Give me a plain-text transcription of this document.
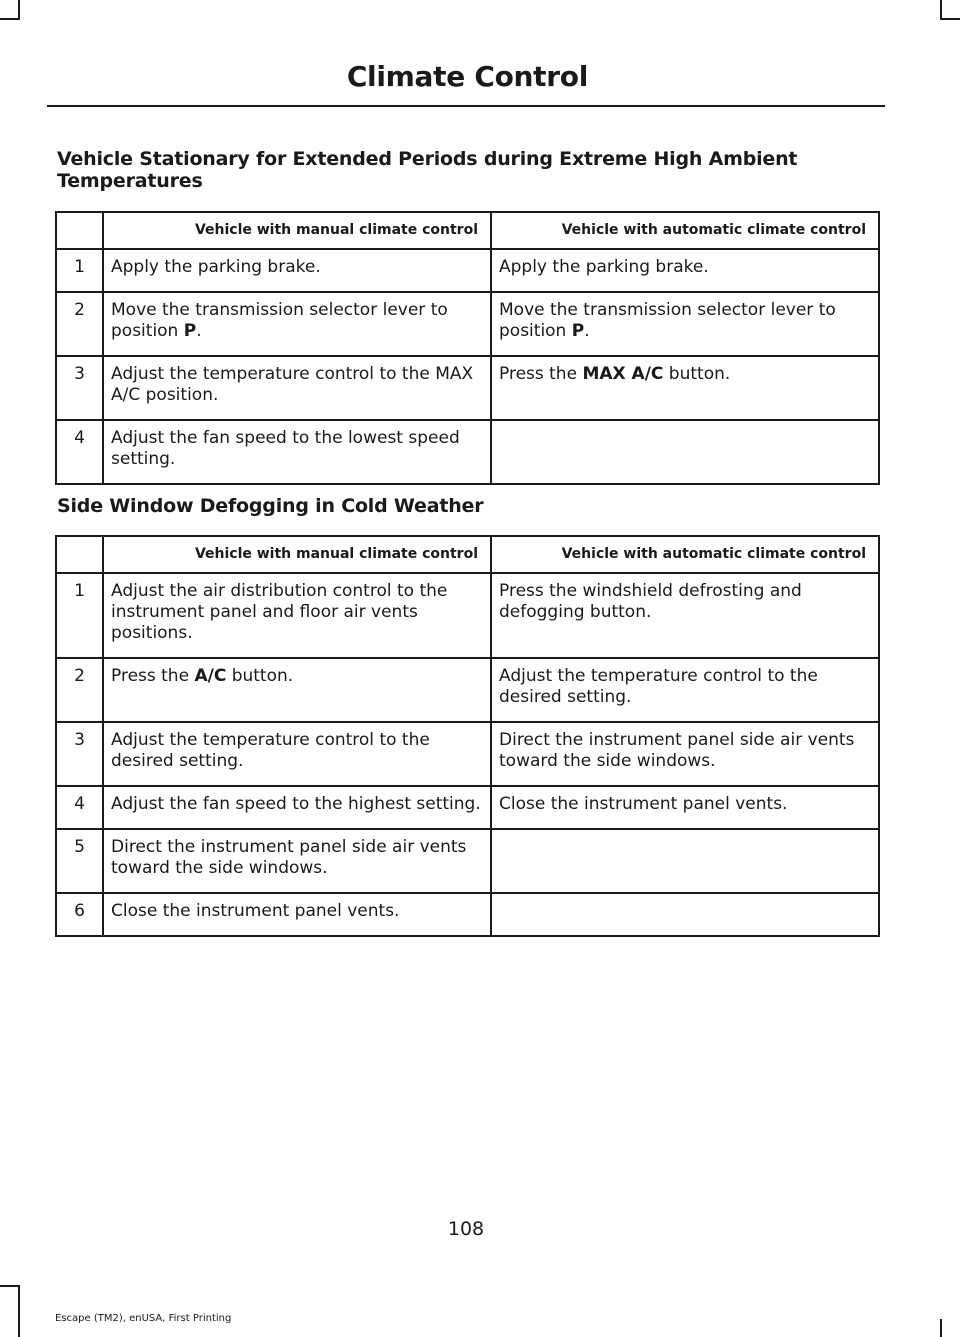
Climate Control
Vehicle Stationary for Extended Periods during Extreme High Ambient Temperatures
	Vehicle with manual climate control	Vehicle with automatic climate control
1	Apply the parking brake.	Apply the parking brake.
2	Move the transmission selector lever to position P.	Move the transmission selector lever to position P.
3	Adjust the temperature control to the MAX A/C position.	Press the MAX A/C button.
4	Adjust the fan speed to the lowest speed setting.	
Side Window Defogging in Cold Weather
	Vehicle with manual climate control	Vehicle with automatic climate control
1	Adjust the air distribution control to the instrument panel and floor air vents positions.	Press the windshield defrosting and defogging button.
2	Press the A/C button.	Adjust the temperature control to the desired setting.
3	Adjust the temperature control to the desired setting.	Direct the instrument panel side air vents toward the side windows.
4	Adjust the fan speed to the highest setting.	Close the instrument panel vents.
5	Direct the instrument panel side air vents toward the side windows.	
6	Close the instrument panel vents.	
108
Escape (TM2), enUSA, First Printing
